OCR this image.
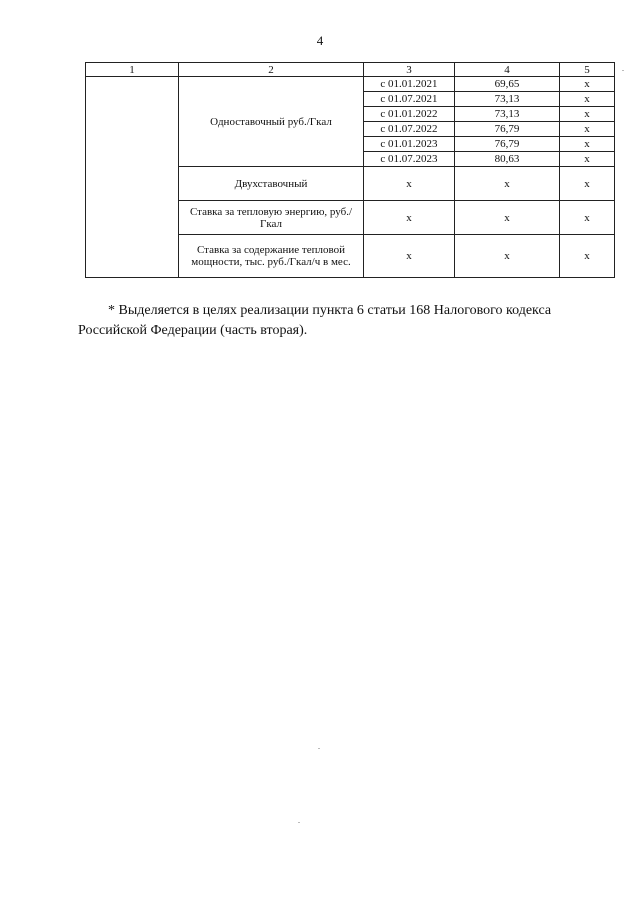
4
1	2	3	4	5
	Одноставочный руб./Гкал	с 01.01.2021	69,65	x
		с 01.07.2021	73,13	x
		с 01.01.2022	73,13	x
		с 01.07.2022	76,79	x
		с 01.01.2023	76,79	x
		с 01.07.2023	80,63	x
	Двухставочный	x	x	x
	Ставка за тепловую энергию, руб./Гкал	x	x	x
	Ставка за содержание тепловой мощности, тыс. руб./Гкал/ч в мес.	x	x	x

* Выделяется в целях реализации пункта 6 статьи 168 Налогового кодекса Российской Федерации (часть вторая).
